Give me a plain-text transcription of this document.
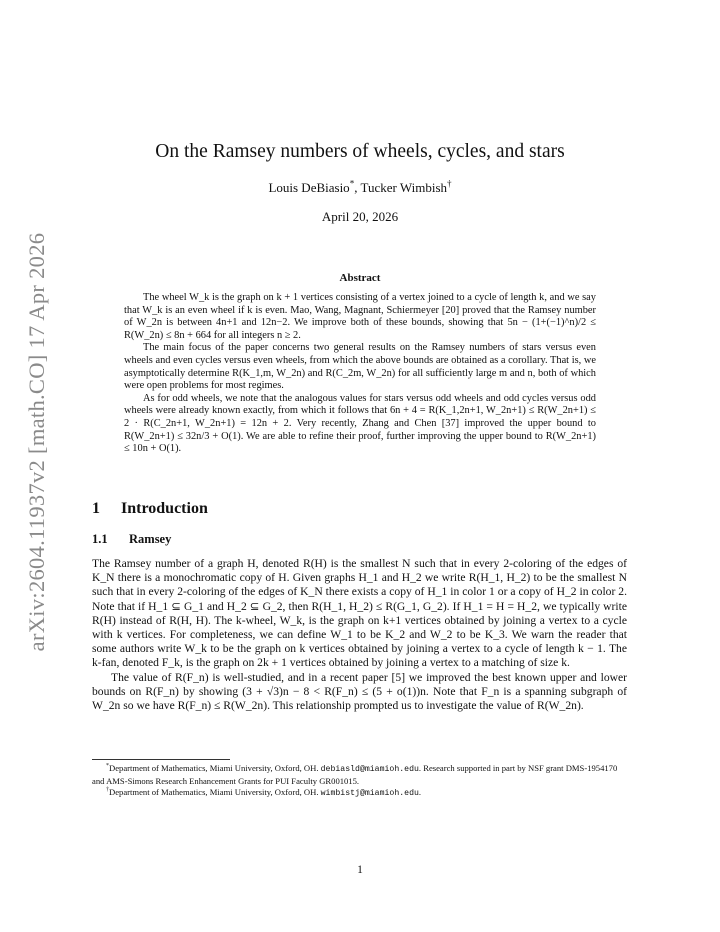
arXiv:2604.11937v2 [math.CO] 17 Apr 2026
On the Ramsey numbers of wheels, cycles, and stars
Louis DeBiasio*, Tucker Wimbish†
April 20, 2026
Abstract

The wheel W_k is the graph on k + 1 vertices consisting of a vertex joined to a cycle of length k, and we say that W_k is an even wheel if k is even. Mao, Wang, Magnant, Schiermeyer [20] proved that the Ramsey number of W_2n is between 4n+1 and 12n−2. We improve both of these bounds, showing that 5n − (1+(−1)^n)/2 ≤ R(W_2n) ≤ 8n + 664 for all integers n ≥ 2.

The main focus of the paper concerns two general results on the Ramsey numbers of stars versus even wheels and even cycles versus even wheels, from which the above bounds are obtained as a corollary. That is, we asymptotically determine R(K_1,m, W_2n) and R(C_2m, W_2n) for all sufficiently large m and n, both of which were open problems for most regimes.

As for odd wheels, we note that the analogous values for stars versus odd wheels and odd cycles versus odd wheels were already known exactly, from which it follows that 6n + 4 = R(K_1,2n+1, W_2n+1) ≤ R(W_2n+1) ≤ 2 · R(C_2n+1, W_2n+1) = 12n + 2. Very recently, Zhang and Chen [37] improved the upper bound to R(W_2n+1) ≤ 32n/3 + O(1). We are able to refine their proof, further improving the upper bound to R(W_2n+1) ≤ 10n + O(1).

1 Introduction
1.1 Ramsey

The Ramsey number of a graph H, denoted R(H) is the smallest N such that in every 2-coloring of the edges of K_N there is a monochromatic copy of H. Given graphs H_1 and H_2 we write R(H_1, H_2) to be the smallest N such that in every 2-coloring of the edges of K_N there exists a copy of H_1 in color 1 or a copy of H_2 in color 2. Note that if H_1 ⊆ G_1 and H_2 ⊆ G_2, then R(H_1, H_2) ≤ R(G_1, G_2). If H_1 = H = H_2, we typically write R(H) instead of R(H, H). The k-wheel, W_k, is the graph on k+1 vertices obtained by joining a vertex to a cycle with k vertices. For completeness, we can define W_1 to be K_2 and W_2 to be K_3. We warn the reader that some authors write W_k to be the graph on k vertices obtained by joining a vertex to a cycle of length k − 1. The k-fan, denoted F_k, is the graph on 2k + 1 vertices obtained by joining a vertex to a matching of size k.

The value of R(F_n) is well-studied, and in a recent paper [5] we improved the best known upper and lower bounds on R(F_n) by showing (3 + √3)n − 8 < R(F_n) ≤ (5 + o(1))n. Note that F_n is a spanning subgraph of W_2n so we have R(F_n) ≤ R(W_2n). This relationship prompted us to investigate the value of R(W_2n).

*Department of Mathematics, Miami University, Oxford, OH. debiasld@miamioh.edu. Research supported in part by NSF grant DMS-1954170 and AMS-Simons Research Enhancement Grants for PUI Faculty GR001015.

†Department of Mathematics, Miami University, Oxford, OH. wimbistj@miamioh.edu.

1
